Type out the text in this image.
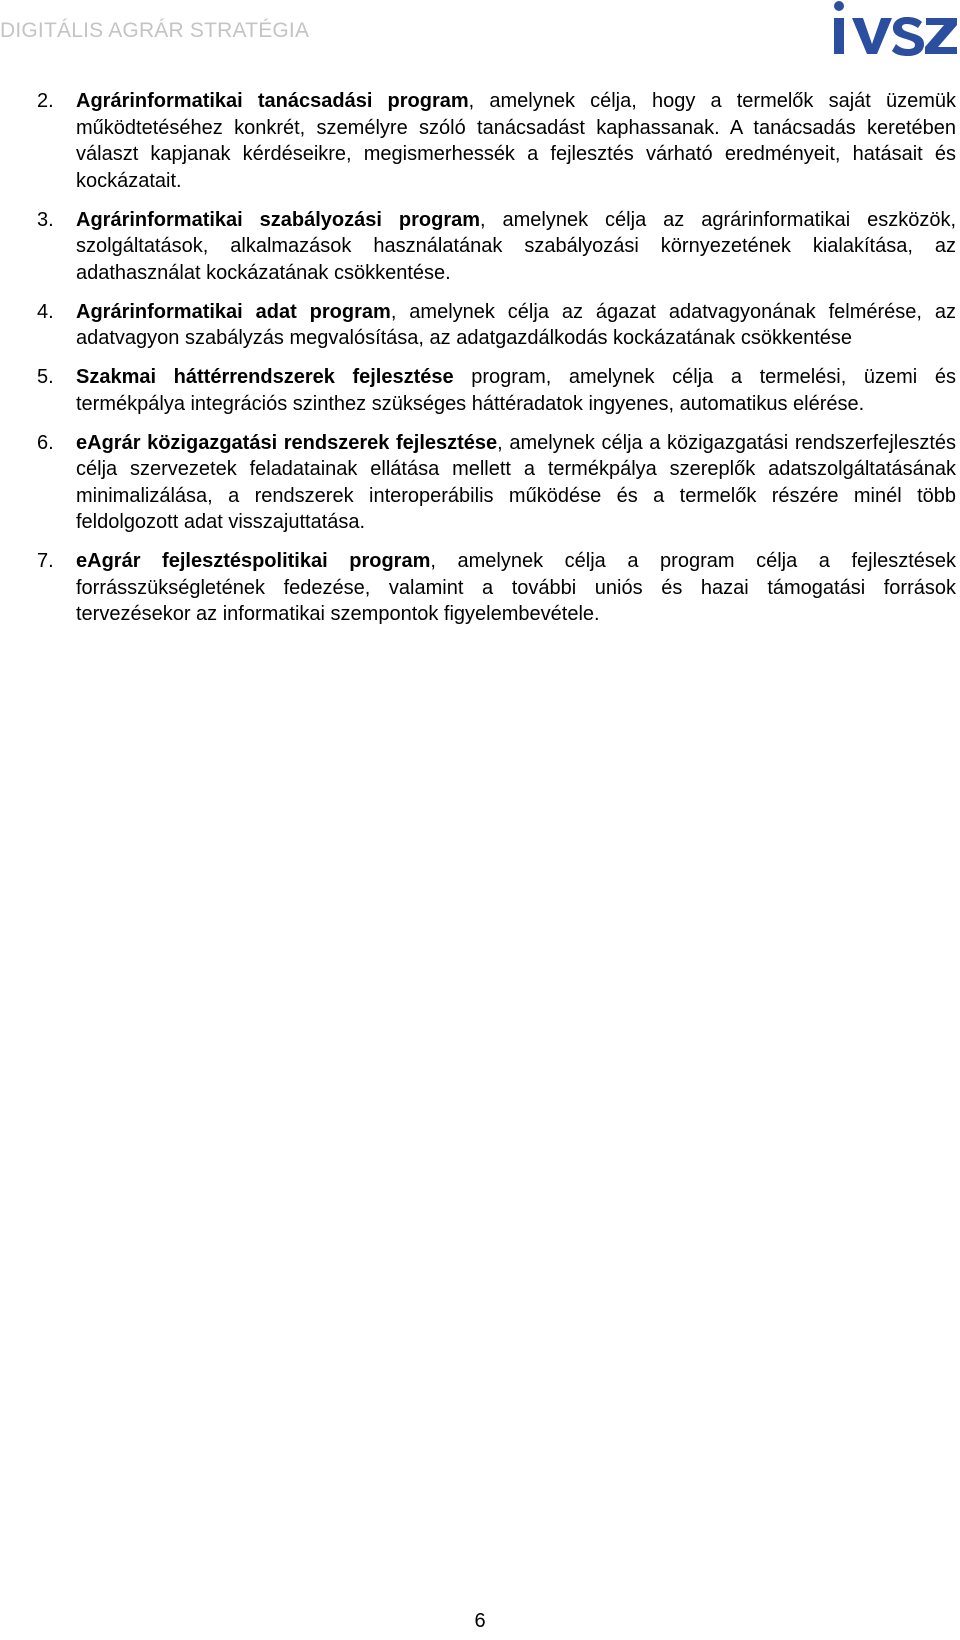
DIGITÁLIS AGRÁR STRATÉGIA
2. Agrárinformatikai tanácsadási program, amelynek célja, hogy a termelők saját üzemük működtetéséhez konkrét, személyre szóló tanácsadást kaphassanak. A tanácsadás keretében választ kapjanak kérdéseikre, megismerhessék a fejlesztés várható eredményeit, hatásait és kockázatait.
3. Agrárinformatikai szabályozási program, amelynek célja az agrárinformatikai eszközök, szolgáltatások, alkalmazások használatának szabályozási környezetének kialakítása, az adathasználat kockázatának csökkentése.
4. Agrárinformatikai adat program, amelynek célja az ágazat adatvagyonának felmérése, az adatvagyon szabályzás megvalósítása, az adatgazdálkodás kockázatának csökkentése
5. Szakmai háttérrendszerek fejlesztése program, amelynek célja a termelési, üzemi és termékpálya integrációs szinthez szükséges háttéradatok ingyenes, automatikus elérése.
6. eAgrár közigazgatási rendszerek fejlesztése, amelynek célja a közigazgatási rendszerfejlesztés célja szervezetek feladatainak ellátása mellett a termékpálya szereplők adatszolgáltatásának minimalizálása, a rendszerek interoperábilis működése és a termelők részére minél több feldolgozott adat visszajuttatása.
7. eAgrár fejlesztéspolitikai program, amelynek célja a program célja a fejlesztések forrásszükségletének fedezése, valamint a további uniós és hazai támogatási források tervezésekor az informatikai szempontok figyelembevétele.
6
